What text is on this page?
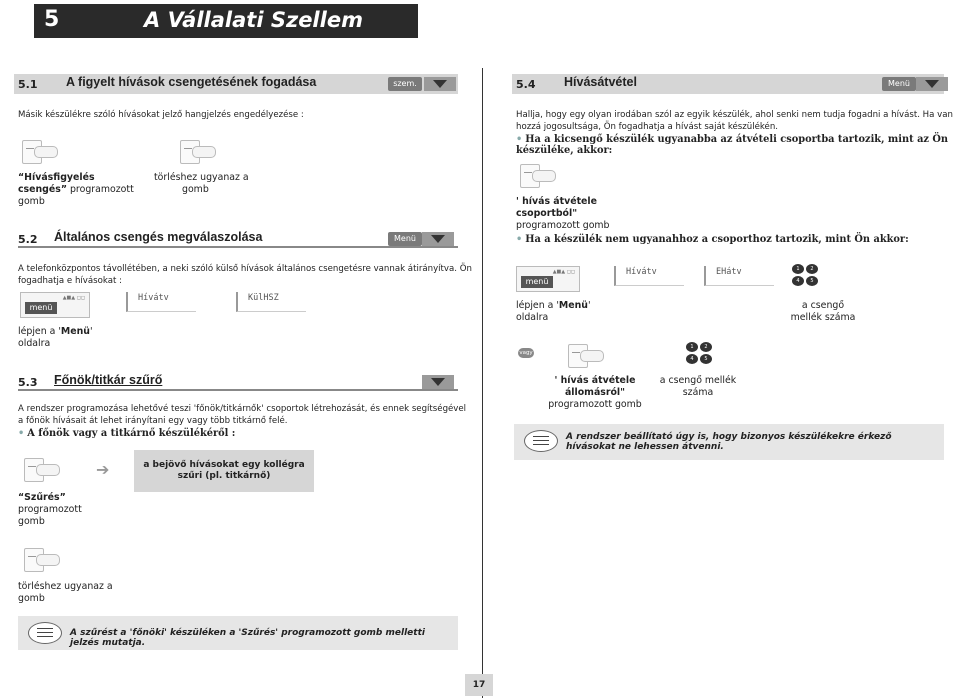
5	A Vállalati Szellem
5.1 A figyelt hívások csengetésének fogadása	szem.
Másik készülékre szóló hívásokat jelző hangjelzés engedélyezése :
“Hívásfigyelés
csengés” programozott
gomb
törléshez ugyanaz a
gomb
5.2 Általános csengés megválaszolása	Menü
A telefonközpontos távollétében, a neki szóló külső hívások általános csengetésre vannak átirányítva. Ön fogadhatja e hívásokat :
▲■▲ ◻◻
menü
Hívátv	KülHSZ
lépjen a 'Menü'
oldalra
5.3 Főnök/titkár szűrő
A rendszer programozása lehetővé teszi 'főnök/titkárnők' csoportok létrehozását, és ennek segítségével a főnök hívásait át lehet irányítani egy vagy több titkárnő felé.
• A főnök vagy a titkárnő készülékéről :
➔	a bejövő hívásokat egy kollégra szűri (pl. titkárnő)
“Szűrés”
programozott
gomb
törléshez ugyanaz a
gomb
A szűrést a 'főnöki' készüléken a 'Szűrés' programozott gomb melletti jelzés mutatja.
5.4 Hívásátvétel	Menü
Hallja, hogy egy olyan irodában szól az egyik készülék, ahol senki nem tudja fogadni a hívást. Ha van hozzá jogosultsága, Ön fogadhatja a hívást saját készülékén.
• Ha a kicsengő készülék ugyanabba az átvételi csoportba tartozik, mint az Ön készüléke, akkor:
' hívás átvétele
csoportból"
programozott gomb
• Ha a készülék nem ugyanahhoz a csoporthoz tartozik, mint Ön akkor:
▲■▲ ◻◻
menü
Hívátv	EHátv	1	2
4	5
lépjen a 'Menü'
oldalra
a csengő
mellék száma
vagy
1	2
4	5
' hívás átvétele
állomásról"
programozott gomb
a csengő mellék
száma
A rendszer beállítató úgy is, hogy bizonyos készülékekre érkező hívásokat ne lehessen átvenni.
17
